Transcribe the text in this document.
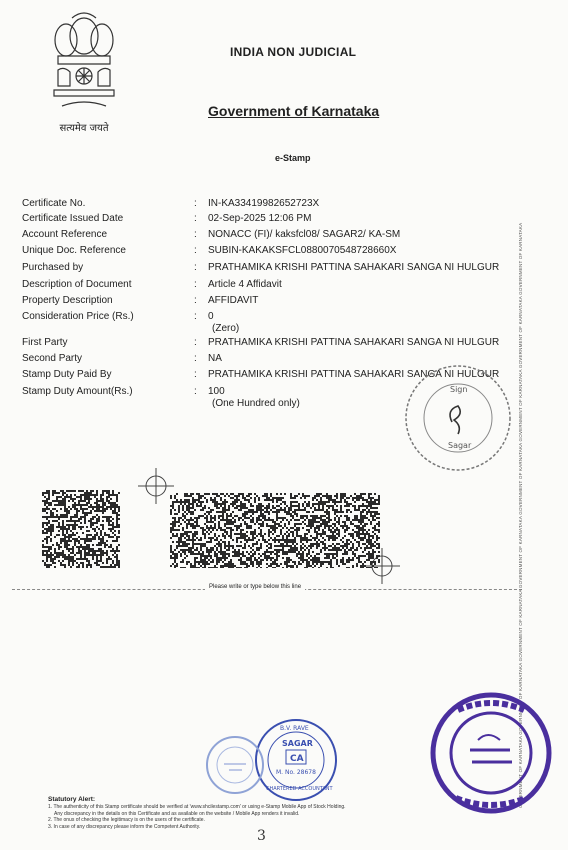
सत्यमेव जयते
INDIA NON JUDICIAL
Government of Karnataka
e-Stamp
Certificate No.	: IN-KA33419982652723X
Certificate Issued Date	: 02-Sep-2025 12:06 PM
Account Reference	: NONACC (FI)/ kaksfcl08/ SAGAR2/ KA-SM
Unique Doc. Reference	: SUBIN-KAKAKSFCL0880070548728660X
Purchased by	: PRATHAMIKA KRISHI PATTINA SAHAKARI SANGA NI HULGUR
Description of Document	: Article 4 Affidavit
Property Description	: AFFIDAVIT
Consideration Price (Rs.)	: 0
(Zero)
First Party	: PRATHAMIKA KRISHI PATTINA SAHAKARI SANGA NI HULGUR
Second Party	: NA
Stamp Duty Paid By	: PRATHAMIKA KRISHI PATTINA SAHAKARI SANGA NI HULGUR
Stamp Duty Amount(Rs.)	: 100
(One Hundred only)
Sign
Sagar
Please write or type below this line	GOVERNMENT OF KARNATAKA GOVERNMENT OF KARNATAKA GOVERNMENT OF KARNATAKA GOVERNMENT OF KARNATAKA GOVERNMENT OF KARNATAKA GOVERNMENT OF KARNATAKA GOVERNMENT OF KARNATAKA GOVERNMENT OF KARNATAKA
B.V. RAVE
SAGAR
CA
M. No. 28678
CHARTERED ACCOUNTANT
Statutory Alert:
1. The authenticity of this Stamp certificate should be verified at 'www.shcilestamp.com' or using e-Stamp Mobile App of Stock Holding.
Any discrepancy in the details on this Certificate and as available on the website / Mobile App renders it invalid.
2. The onus of checking the legitimacy is on the users of the certificate.
3. In case of any discrepancy please inform the Competent Authority.
3
